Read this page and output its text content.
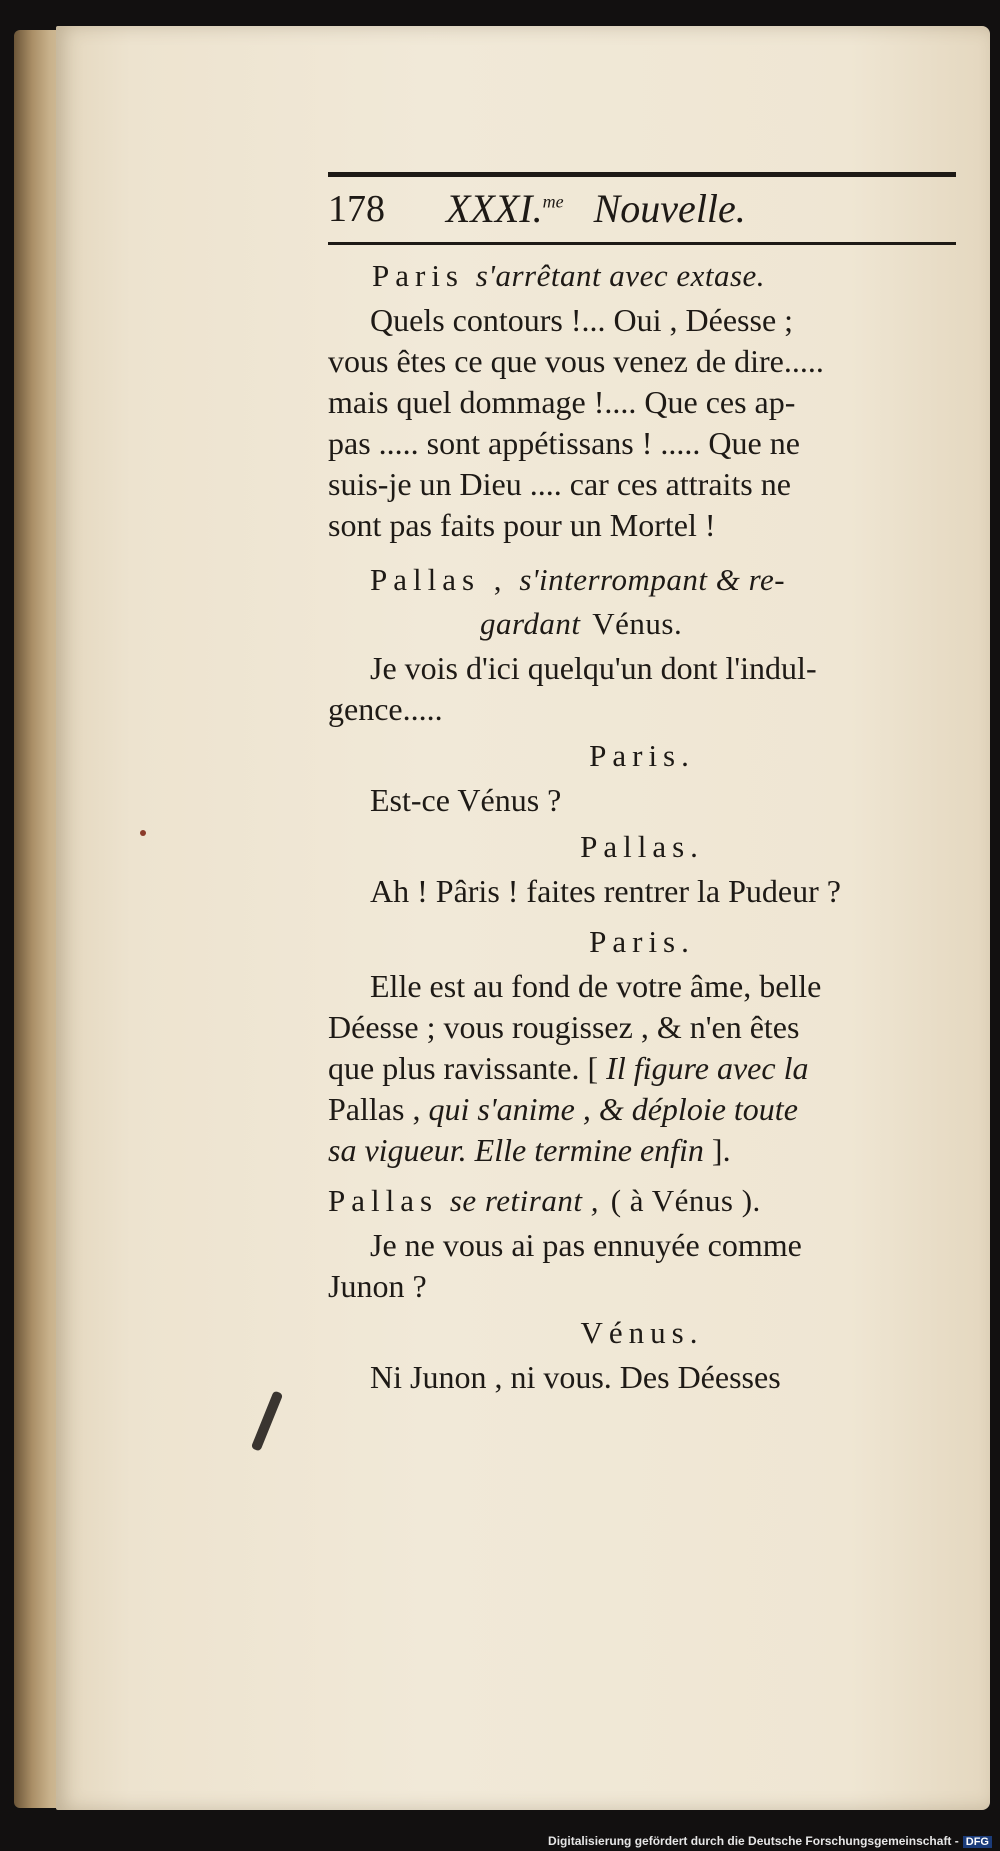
178 XXXI.$^{me}$ Nouvelle.
Paris s'arrêtant avec extase.
Quels contours !... Oui , Déesse ;
vous êtes ce que vous venez de dire.....
mais quel dommage !.... Que ces ap-
pas ..... sont appétissans ! ..... Que ne
suis-je un Dieu .... car ces attraits ne
sont pas faits pour un Mortel !
Pallas , s'interrompant & re-
gardant Vénus.
Je vois d'ici quelqu'un dont l'indul-
gence.....
Paris.
Est-ce Vénus ?
Pallas.
Ah ! Pâris ! faites rentrer la Pudeur ?
Paris.
Elle est au fond de votre âme, belle
Déesse ; vous rougissez , & n'en êtes
que plus ravissante. [ Il figure avec la
Pallas , qui s'anime , & déploie toute
sa vigueur. Elle termine enfin ].
Pallas se retirant , ( à Vénus ).
Je ne vous ai pas ennuyée comme
Junon ?
Vénus.
Ni Junon , ni vous. Des Déesses
Digitalisierung gefördert durch die Deutsche Forschungsgemeinschaft - DFG
